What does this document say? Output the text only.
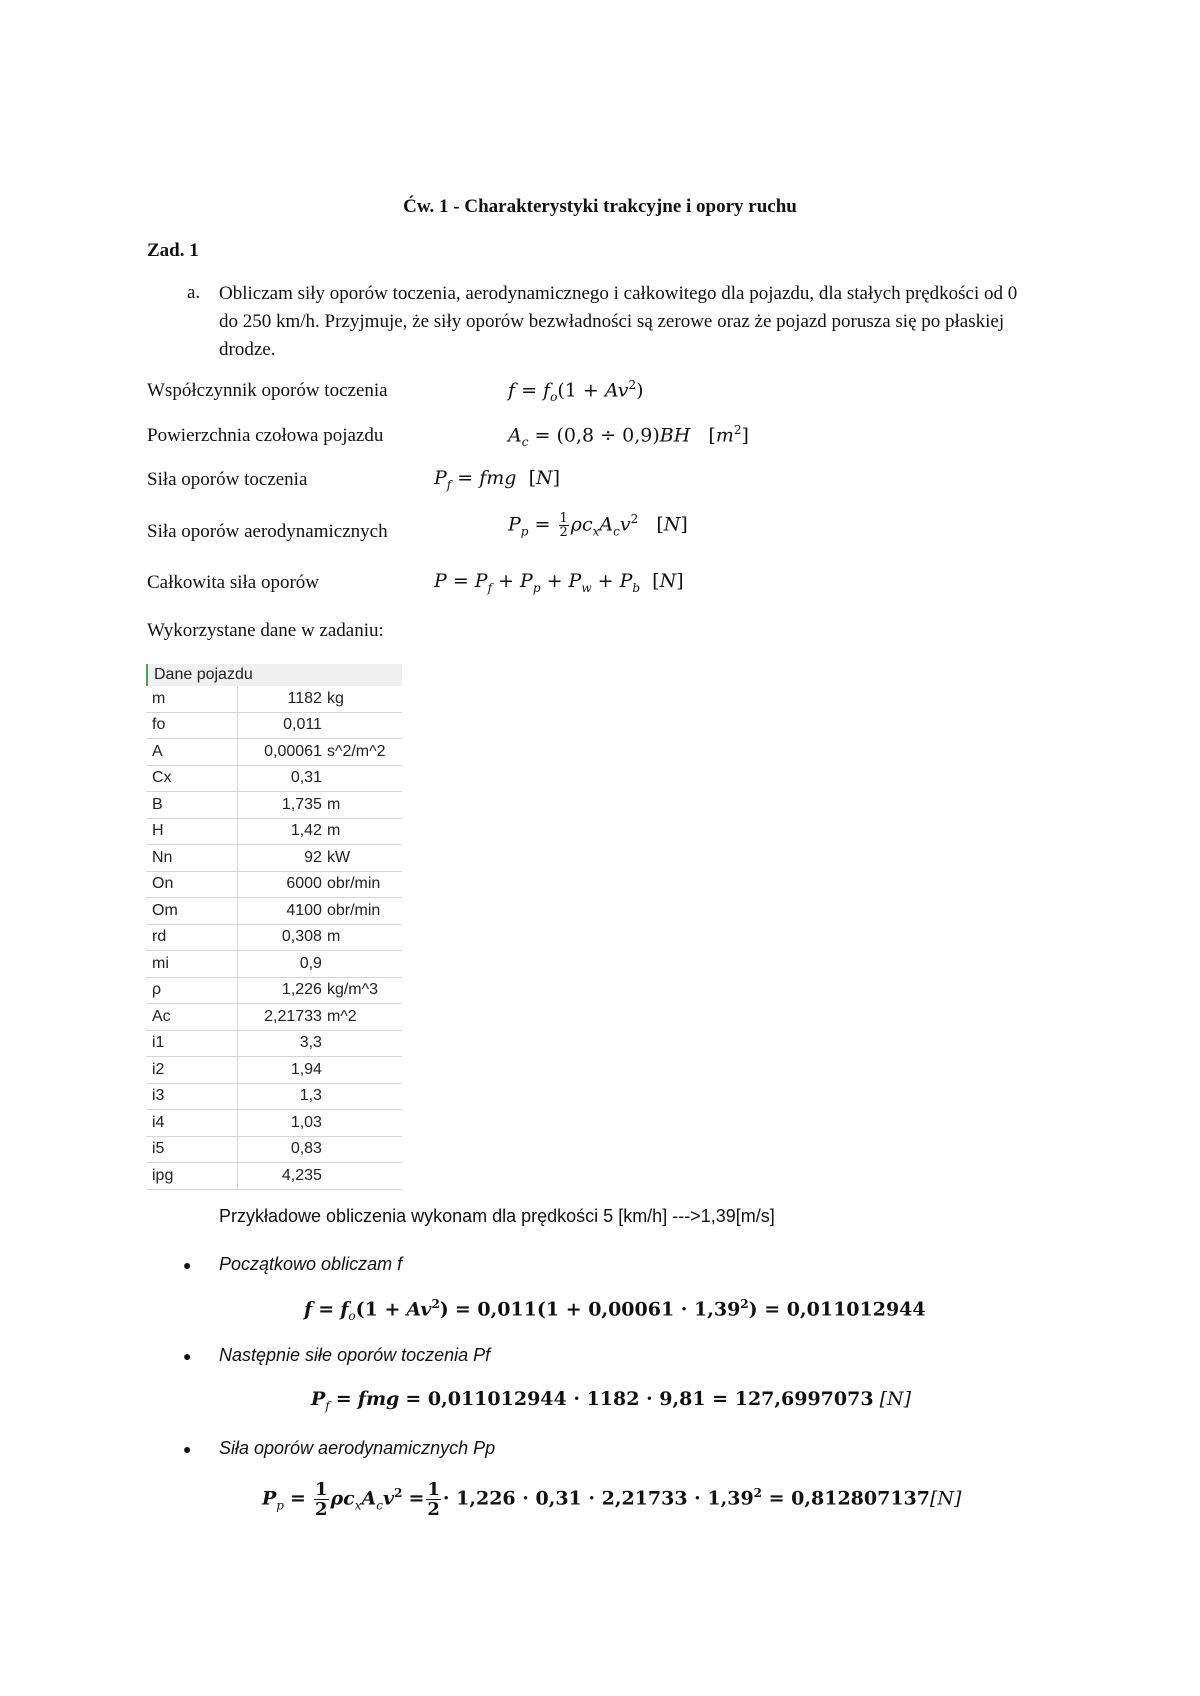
Ćw. 1 - Charakterystyki trakcyjne i opory ruchu
Zad. 1
a. Obliczam siły oporów toczenia, aerodynamicznego i całkowitego dla pojazdu, dla stałych prędkości od 0 do 250 km/h. Przyjmuje, że siły oporów bezwładności są zerowe oraz że pojazd porusza się po płaskiej drodze.
Współczynnik oporów toczenia	$f = f_o(1 + Av^2)$
Powierzchnia czołowa pojazdu	$A_c = (0,8 \div 0,9)BH$   $[m^2]$
Siła oporów toczenia	$P_f$ = fmg  [N]
Siła oporów aerodynamicznych	$P_p = \frac{1}{2} \rho c_xA_cv^2$ [N]
Całkowita siła oporów	$P = P_f + P_p + P_w + P_b$ [N]
Wykorzystane dane w zadaniu:
Dane pojazdu
m	1182	kg
fo	0,011	
A	0,00061	s^2/m^2
Cx	0,31	
B	1,735	m
H	1,42	m
Nn	92	kW
On	6000	obr/min
Om	4100	obr/min
rd	0,308	m
mi	0,9	
ρ	1,226	kg/m^3
Ac	2,21733	m^2
i1	3,3	
i2	1,94	
i3	1,3	
i4	1,03	
i5	0,83	
ipg	4,235	
Przykładowe obliczenia wykonam dla prędkości 5 [km/h] --->1,39[m/s]
● Początkowo obliczam f
$f = f_o(1 + Av^2) = 0,011(1 + 0,00061 \cdot 1,39^2) = 0,011012944$
● Następnie siłe oporów toczenia Pf
$P_f$ = fmg = 0,011012944 · 1182 · 9,81 = 127,6997073 [N]
● Siła oporów aerodynamicznych Pp
$P_p = \frac{1}{2} \rho c_xA_cv^2 = \frac{1}{2} \cdot 1,226 \cdot 0,31 \cdot 2,21733 \cdot 1,39^2 = 0,812807137[N]$
